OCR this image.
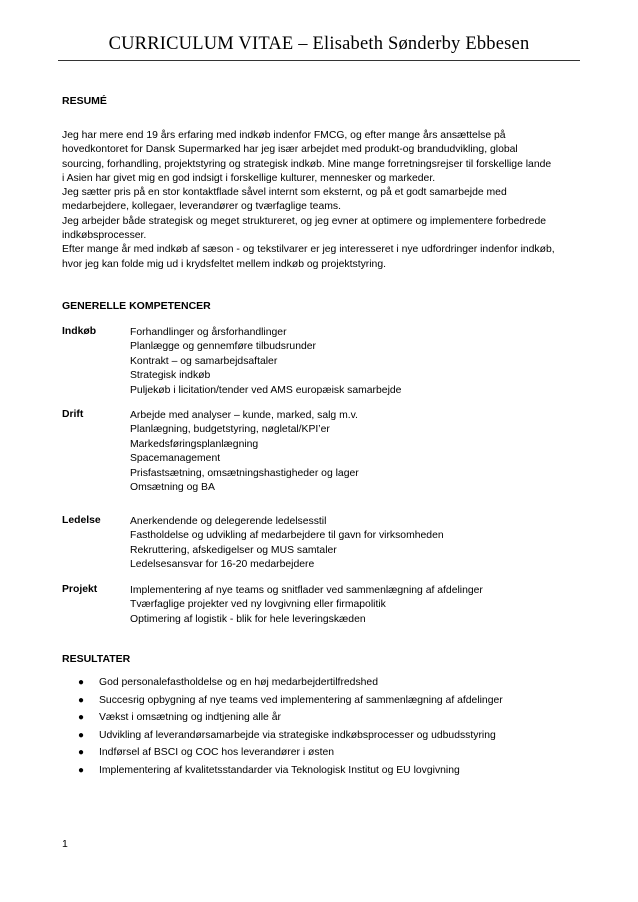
CURRICULUM VITAE – Elisabeth Sønderby Ebbesen
RESUMÉ
Jeg har mere end 19 års erfaring med indkøb indenfor FMCG, og efter mange års ansættelse på
hovedkontoret for Dansk Supermarked har jeg især arbejdet med produkt-og brandudvikling, global
sourcing, forhandling, projektstyring og strategisk indkøb. Mine mange forretningsrejser til forskellige lande
i Asien har givet mig en god indsigt i forskellige kulturer, mennesker og markeder.
Jeg sætter pris på en stor kontaktflade såvel internt som eksternt, og på et godt samarbejde med
medarbejdere, kollegaer, leverandører og tværfaglige teams.
Jeg arbejder både strategisk og meget struktureret, og jeg evner at optimere og implementere forbedrede
indkøbsprocesser.
Efter mange år med indkøb af sæson - og tekstilvarer er jeg interesseret i nye udfordringer indenfor indkøb,
hvor jeg kan folde mig ud i krydsfeltet mellem indkøb og projektstyring.
GENERELLE KOMPETENCER
Indkøb	Forhandlinger og årsforhandlinger
Planlægge og gennemføre tilbudsrunder
Kontrakt – og samarbejdsaftaler
Strategisk indkøb
Puljekøb i licitation/tender ved AMS europæisk samarbejde
Drift	Arbejde med analyser – kunde, marked, salg m.v.
Planlægning, budgetstyring, nøgletal/KPI’er
Markedsføringsplanlægning
Spacemanagement
Prisfastsætning, omsætningshastigheder og lager
Omsætning og BA
Ledelse	Anerkendende og delegerende ledelsesstil
Fastholdelse og udvikling af medarbejdere til gavn for virksomheden
Rekruttering, afskedigelser og MUS samtaler
Ledelsesansvar for 16-20 medarbejdere
Projekt	Implementering af nye teams og snitflader ved sammenlægning af afdelinger
Tværfaglige projekter ved ny lovgivning eller firmapolitik
Optimering af logistik - blik for hele leveringskæden
RESULTATER
● God personalefastholdelse og en høj medarbejdertilfredshed
● Succesrig opbygning af nye teams ved implementering af sammenlægning af afdelinger
● Vækst i omsætning og indtjening alle år
● Udvikling af leverandørsamarbejde via strategiske indkøbsprocesser og udbudsstyring
● Indførsel af BSCI og COC hos leverandører i østen
● Implementering af kvalitetsstandarder via Teknologisk Institut og EU lovgivning
1
